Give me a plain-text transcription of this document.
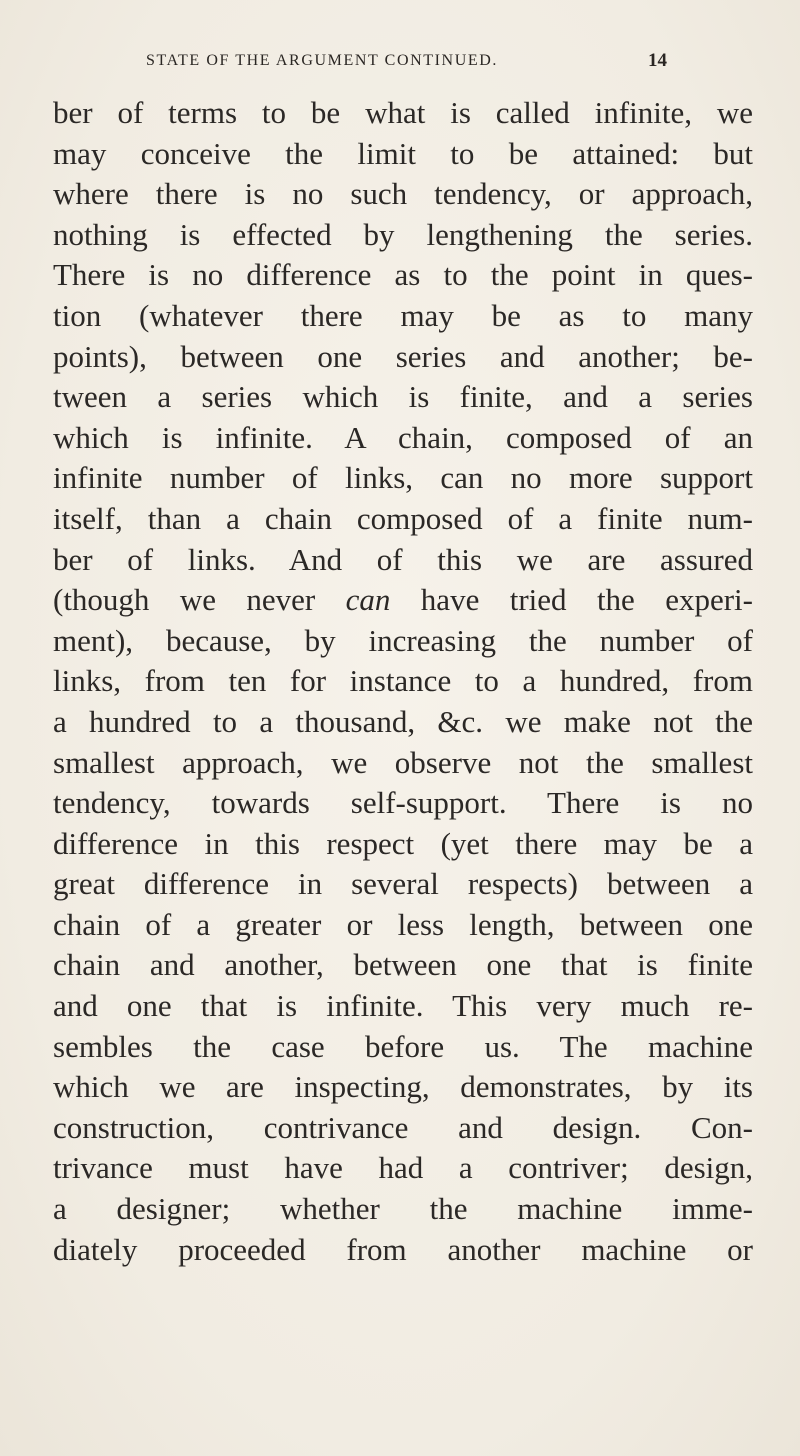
STATE OF THE ARGUMENT CONTINUED.	14
ber of terms to be what is called infinite, we
may conceive the limit to be attained: but
where there is no such tendency, or approach,
nothing is effected by lengthening the series.
There is no difference as to the point in ques-
tion (whatever there may be as to many
points), between one series and another; be-
tween a series which is finite, and a series
which is infinite. A chain, composed of an
infinite number of links, can no more support
itself, than a chain composed of a finite num-
ber of links. And of this we are assured
(though we never can have tried the experi-
ment), because, by increasing the number of
links, from ten for instance to a hundred, from
a hundred to a thousand, &c. we make not the
smallest approach, we observe not the smallest
tendency, towards self-support. There is no
difference in this respect (yet there may be a
great difference in several respects) between a
chain of a greater or less length, between one
chain and another, between one that is finite
and one that is infinite. This very much re-
sembles the case before us. The machine
which we are inspecting, demonstrates, by its
construction, contrivance and design. Con-
trivance must have had a contriver; design,
a designer; whether the machine imme-
diately proceeded from another machine or
